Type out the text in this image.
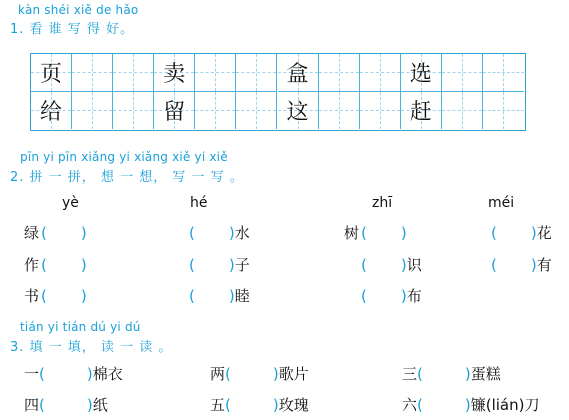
kàn shéi xiě de hǎo
1. 看 谁 写 得 好。
页	卖	盒	选
给	留	这	赶
pīn yi pīn xiǎng yi xiǎng xiě yi xiě
2. 拼 一 拼， 想 一 想， 写 一 写 。
yè	hé	zhī	méi
绿 ( )	( ) 水	树 ( )	( ) 花
作 ( )	( ) 子	( ) 识	( ) 有
书 ( )	( ) 睦	( ) 布
tián yi tián dú yi dú
3. 填 一 填， 读 一 读 。
一 (	) 棉衣	两 (	) 歌片	三 (	) 蛋糕
四 (	) 纸	五 (	) 玫瑰	六 (	) 镰(lián)刀
